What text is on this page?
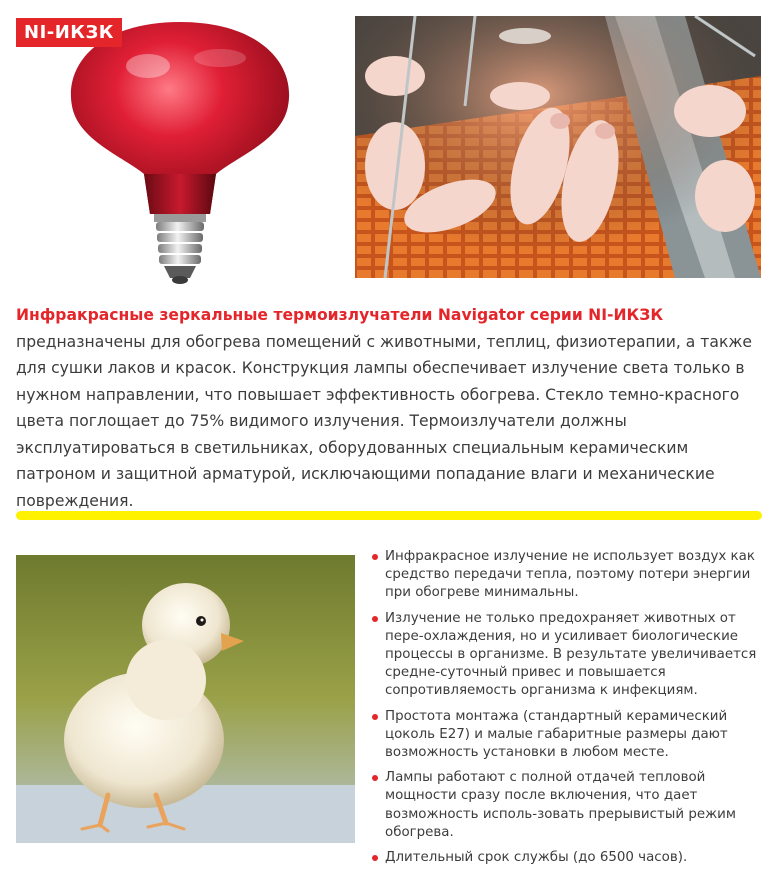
NI-ИКЗК

Инфракрасные зеркальные термоизлучатели Navigator серии NI-ИКЗК предназначены для обогрева помещений с животными, теплиц, физиотерапии, а также для сушки лаков и красок. Конструкция лампы обеспечивает излучение света только в нужном направлении, что повышает эффективность обогрева. Стекло темно-красного цвета поглощает до 75% видимого излучения. Термоизлучатели должны эксплуатироваться в светильниках, оборудованных специальным керамическим патроном и защитной арматурой, исключающими попадание влаги и механические повреждения.

Инфракрасное излучение не использует воздух как средство передачи тепла, поэтому потери энергии при обогреве минимальны.
Излучение не только предохраняет животных от пере-охлаждения, но и усиливает биологические процессы в организме. В результате увеличивается средне-суточный привес и повышается сопротивляемость организма к инфекциям.
Простота монтажа (стандартный керамический цоколь E27) и малые габаритные размеры дают возможность установки в любом месте.
Лампы работают с полной отдачей тепловой мощности сразу после включения, что дает возможность исполь-зовать прерывистый режим обогрева.
Длительный срок службы (до 6500 часов).
